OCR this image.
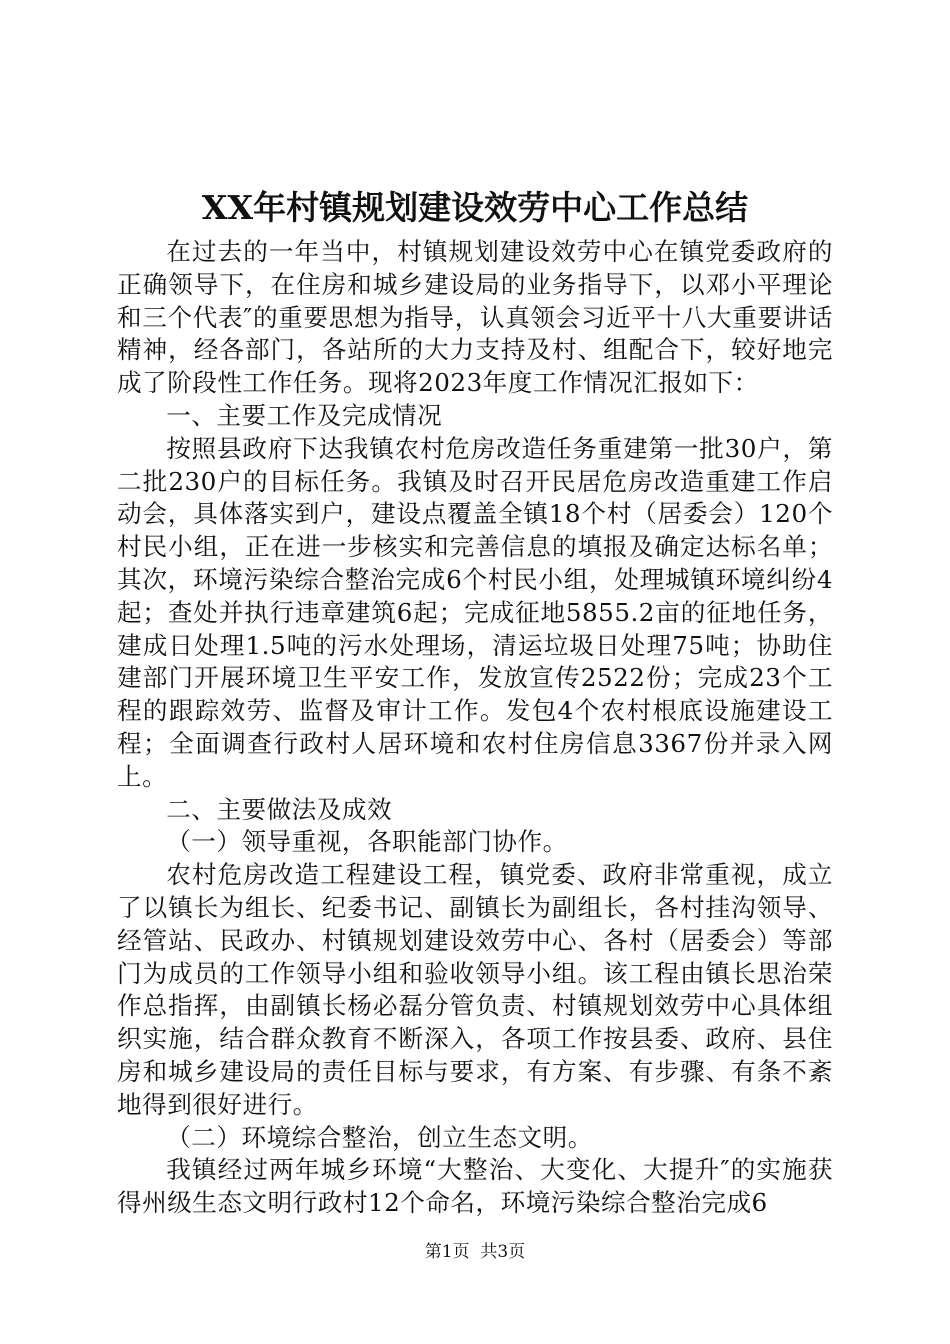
XX年村镇规划建设效劳中心工作总结

在过去的一年当中，村镇规划建设效劳中心在镇党委政府的正确领导下，在住房和城乡建设局的业务指导下，以邓小平理论和三个代表″的重要思想为指导，认真领会习近平十八大重要讲话精神，经各部门，各站所的大力支持及村、组配合下，较好地完成了阶段性工作任务。现将2023年度工作情况汇报如下：

一、主要工作及完成情况

按照县政府下达我镇农村危房改造任务重建第一批30户，第二批230户的目标任务。我镇及时召开民居危房改造重建工作启动会，具体落实到户，建设点覆盖全镇18个村（居委会）120个村民小组，正在进一步核实和完善信息的填报及确定达标名单；其次，环境污染综合整治完成6个村民小组，处理城镇环境纠纷4起；查处并执行违章建筑6起；完成征地5855.2亩的征地任务，建成日处理1.5吨的污水处理场，清运垃圾日处理75吨；协助住建部门开展环境卫生平安工作，发放宣传2522份；完成23个工程的跟踪效劳、监督及审计工作。发包4个农村根底设施建设工程；全面调查行政村人居环境和农村住房信息3367份并录入网上。

二、主要做法及成效

（一）领导重视，各职能部门协作。

农村危房改造工程建设工程，镇党委、政府非常重视，成立了以镇长为组长、纪委书记、副镇长为副组长，各村挂沟领导、经管站、民政办、村镇规划建设效劳中心、各村（居委会）等部门为成员的工作领导小组和验收领导小组。该工程由镇长思治荣作总指挥，由副镇长杨必磊分管负责、村镇规划效劳中心具体组织实施，结合群众教育不断深入，各项工作按县委、政府、县住房和城乡建设局的责任目标与要求，有方案、有步骤、有条不紊地得到很好进行。

（二）环境综合整治，创立生态文明。

我镇经过两年城乡环境“大整治、大变化、大提升″的实施获得州级生态文明行政村12个命名，环境污染综合整治完成6

第1页 共3页
